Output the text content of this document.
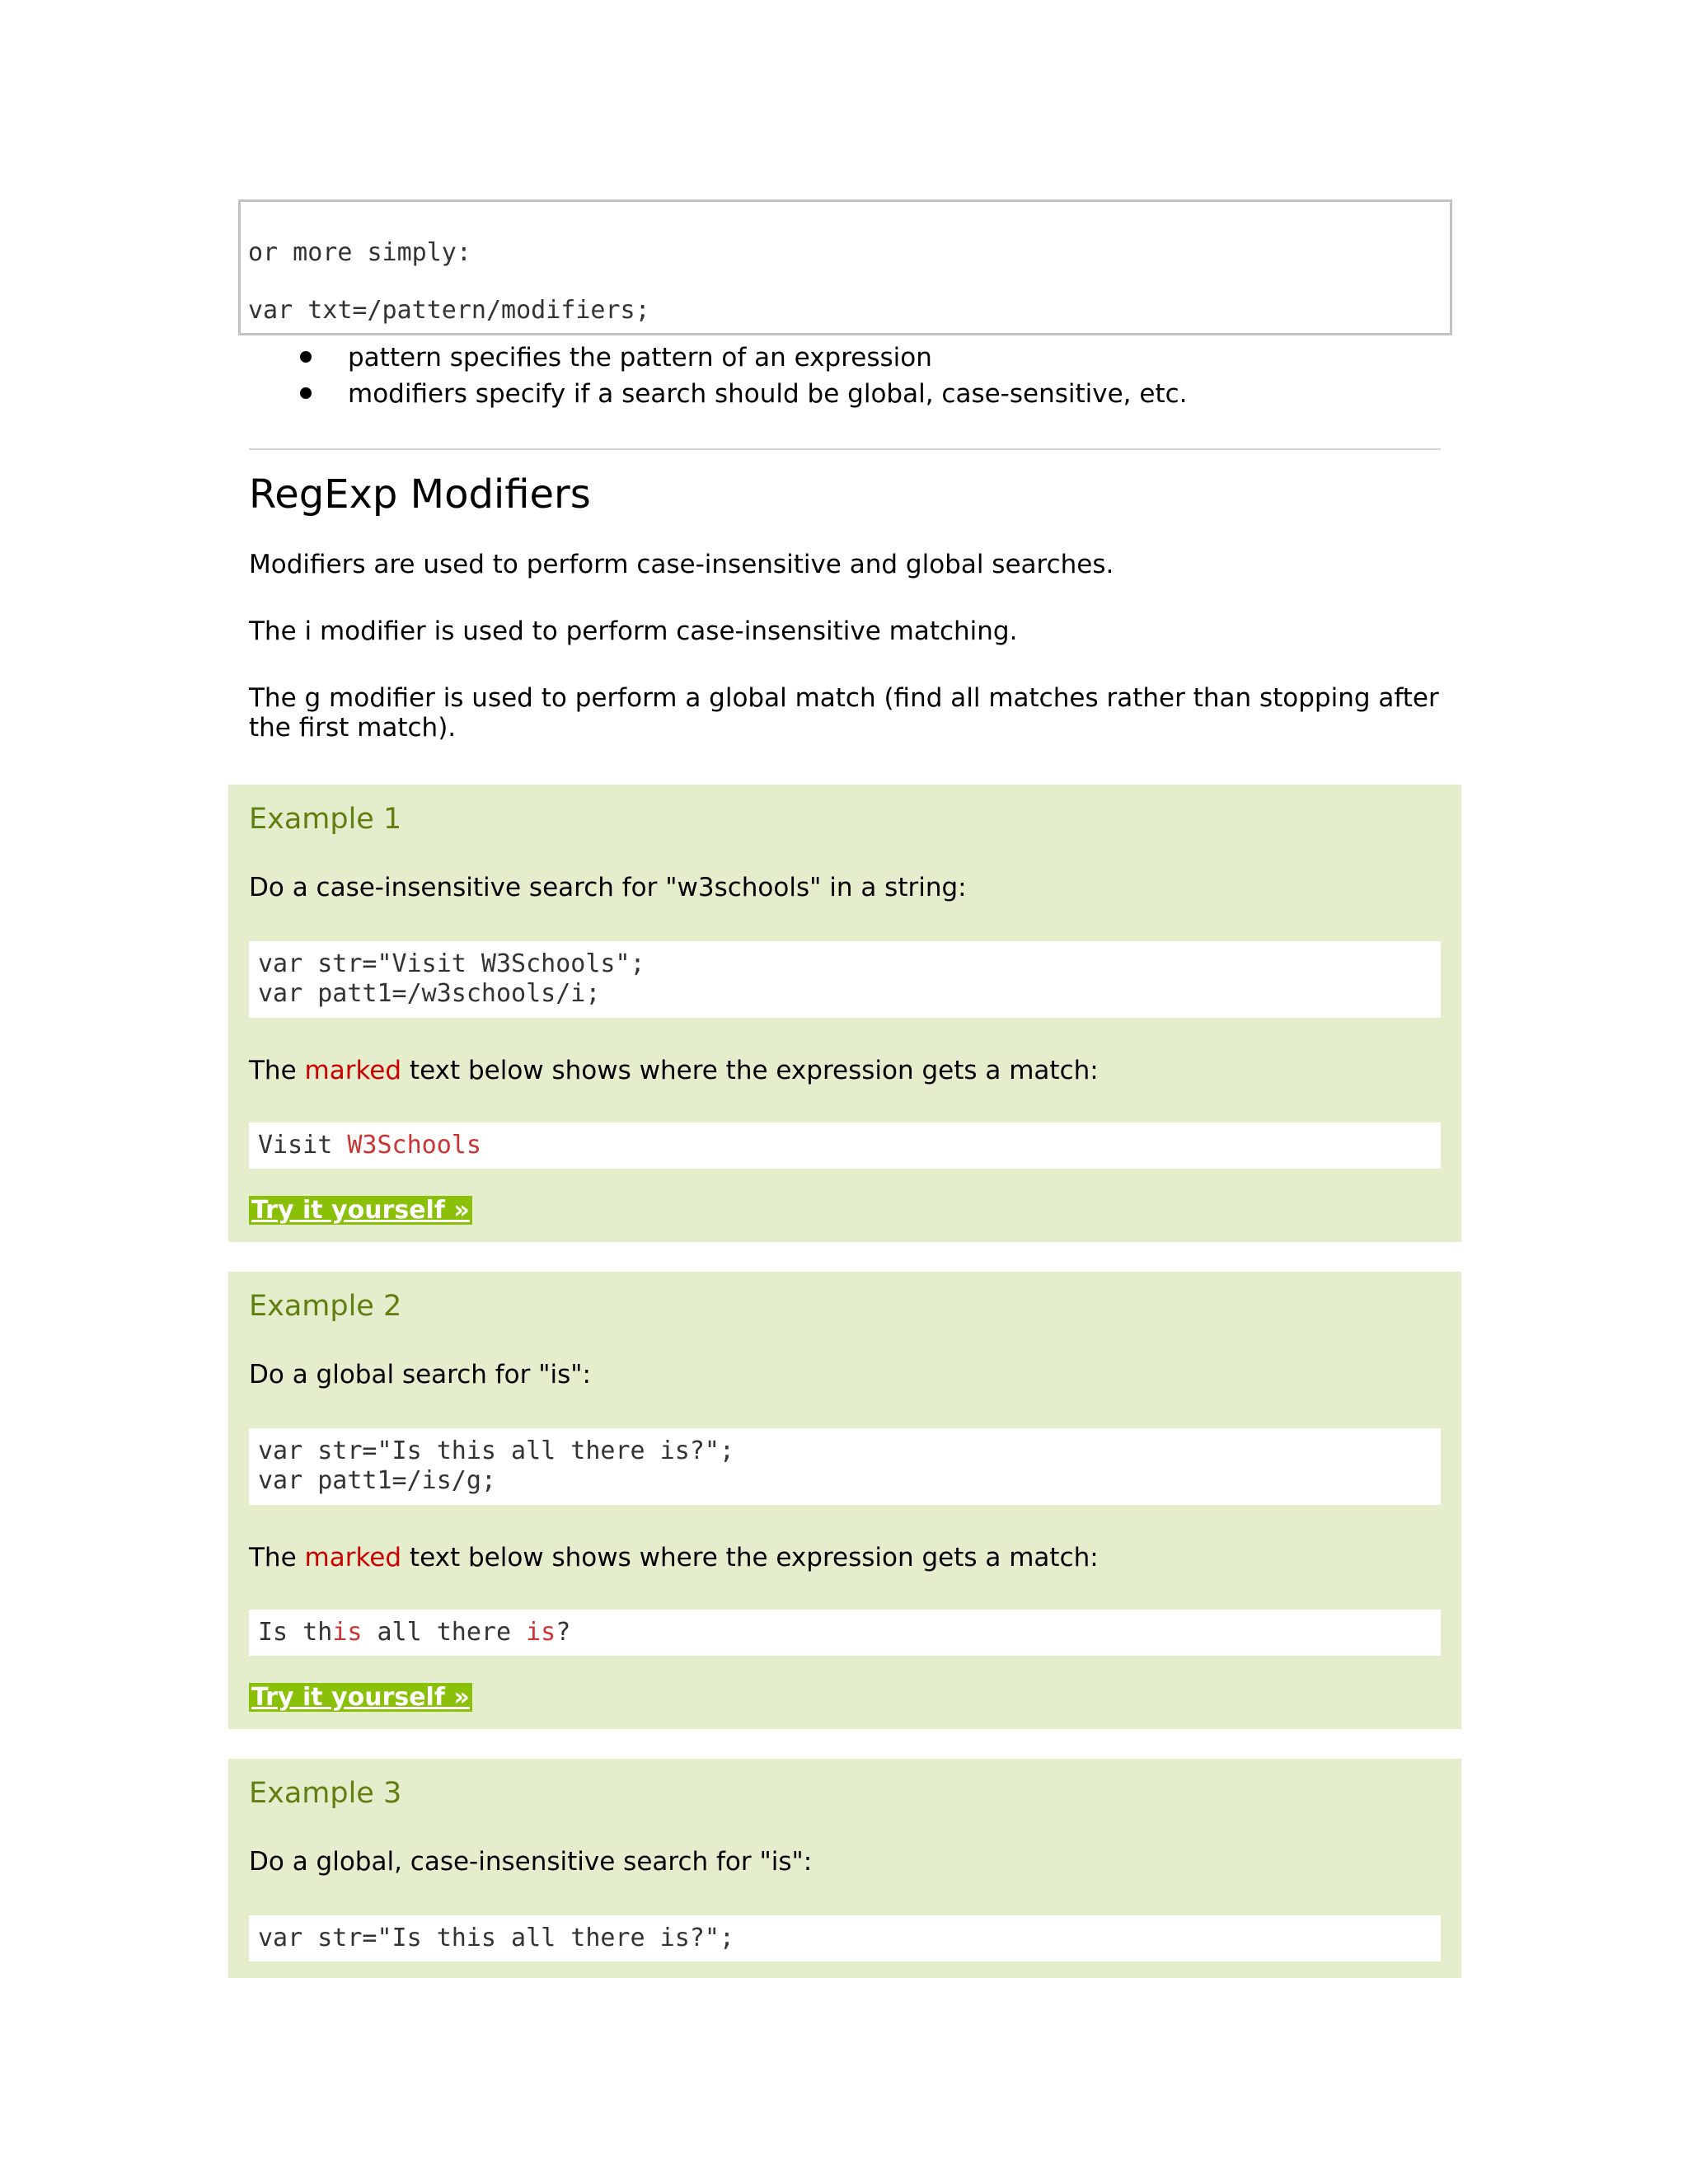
or more simply:
var txt=/pattern/modifiers;
pattern specifies the pattern of an expression
modifiers specify if a search should be global, case-sensitive, etc.
RegExp Modifiers

Modifiers are used to perform case-insensitive and global searches.

The i modifier is used to perform case-insensitive matching.

The g modifier is used to perform a global match (find all matches rather than stopping after the first match).

Example 1

Do a case-insensitive search for "w3schools" in a string:

var str="Visit W3Schools";
var patt1=/w3schools/i;

The marked text below shows where the expression gets a match:

Visit W3Schools
Try it yourself »
Example 2

Do a global search for "is":

var str="Is this all there is?";
var patt1=/is/g;

The marked text below shows where the expression gets a match:

Is this all there is?
Try it yourself »
Example 3

Do a global, case-insensitive search for "is":

var str="Is this all there is?";
